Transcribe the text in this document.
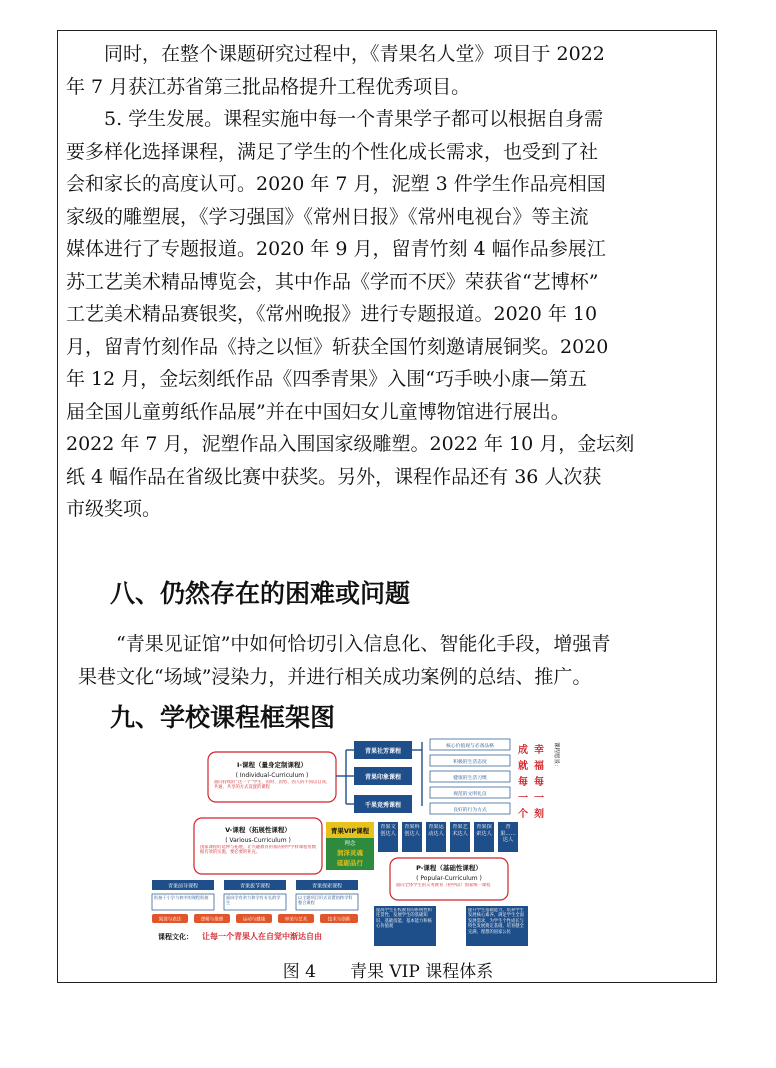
同时，在整个课题研究过程中，《青果名人堂》项目于 2022
年 7 月获江苏省第三批品格提升工程优秀项目。
5. 学生发展。课程实施中每一个青果学子都可以根据自身需
要多样化选择课程，满足了学生的个性化成长需求，也受到了社
会和家长的高度认可。2020 年 7 月，泥塑 3 件学生作品亮相国
家级的雕塑展，《学习强国》《常州日报》《常州电视台》等主流
媒体进行了专题报道。2020 年 9 月，留青竹刻 4 幅作品参展江
苏工艺美术精品博览会，其中作品《学而不厌》荣获省“艺博杯”
工艺美术精品赛银奖，《常州晚报》进行专题报道。2020 年 10
月，留青竹刻作品《持之以恒》斩获全国竹刻邀请展铜奖。2020
年 12 月，金坛刻纸作品《四季青果》入围“巧手映小康—第五
届全国儿童剪纸作品展”并在中国妇女儿童博物馆进行展出。
2022 年 7 月，泥塑作品入围国家级雕塑。2022 年 10 月，金坛刻
纸 4 幅作品在省级比赛中获奖。另外，课程作品还有 36 人次获
市级奖项。
八、仍然存在的困难或问题
“青果见证馆”中如何恰切引入信息化、智能化手段，增强青
果巷文化“场域”浸染力，并进行相关成功案例的总结、推广。
九、学校课程框架图
I-课程（量身定制课程）
( Individual-Curriculum )
面向持续的“这一个”学生，因时、因势、因人的不同以自我、共通、共享的方式设置的课程
青果社芳课程
青果印象课程
千果竞秀课程
核心价值观与必备品格
积极的生活态度
健康的生活习惯
规范的文明礼仪
良好的行为方式
成
就
每
一
个
幸
福
每
一
刻
课程愿景：
V-课程（拓展性课程）
( Various-Curriculum )
国家课程的延伸与拓展，让兴趣教育的我的初中学科课程用数据有效的实施，要必要的补充。
青果VIP课程
理念
润泽灵魂
砥砺品行
青果文创达人
青果科创达人
青果运动达人
青果艺术达人
青果探索达人
青果……达人
青果前导课程	青果拔节课程	青果探索课程
衔接于小学与初中的课程衔接	面向学有余力和学有专长的学生
以主题项目形式设置的跨学科整合课程
阅读与表达	逻辑与推理	运动与健康	审美与艺术	技术与创新
P-课程（基础性课程）
( Popular-Curriculum )
面向全体学生的义务教育（初中段）国家统一课程
提高学生在校教育的系统性和连贯性，发展学生的基础知识、基础技能、基本能力和核心价值观
提升学生基础能力，培养学生发展核心素养，满足学生全面发展需求，为学生个性成长与特色发展奠定基础，培育健全完满、理想的国家公民
课程文化： 让每一个青果人在自觉中渐达自由
图 4　　青果 VIP 课程体系
